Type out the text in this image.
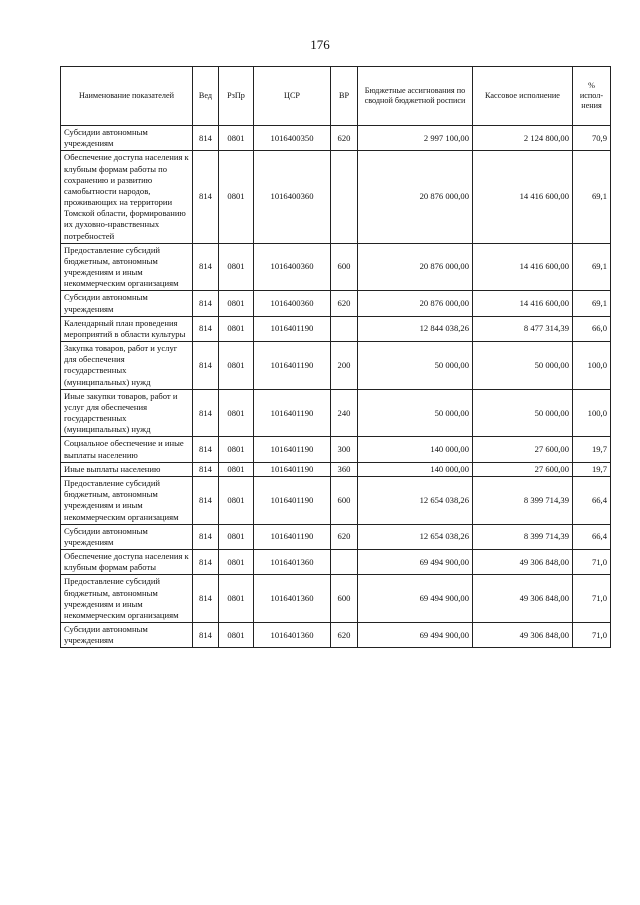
176
Наименование показателей	Вед	РзПр	ЦСР	ВР	Бюджетные ассигнования по сводной бюджетной росписи	Кассовое исполнение	% испол-нения
Субсидии автономным учреждениям	814	0801	1016400350	620	2 997 100,00	2 124 800,00	70,9
Обеспечение доступа населения к клубным формам работы по сохранению и развитию самобытности народов, проживающих на территории Томской области, формированию их духовно-нравственных потребностей	814	0801	1016400360		20 876 000,00	14 416 600,00	69,1
Предоставление субсидий бюджетным, автономным учреждениям и иным некоммерческим организациям	814	0801	1016400360	600	20 876 000,00	14 416 600,00	69,1
Субсидии автономным учреждениям	814	0801	1016400360	620	20 876 000,00	14 416 600,00	69,1
Календарный план проведения мероприятий в области культуры	814	0801	1016401190		12 844 038,26	8 477 314,39	66,0
Закупка товаров, работ и услуг для обеспечения государственных (муниципальных) нужд	814	0801	1016401190	200	50 000,00	50 000,00	100,0
Иные закупки товаров, работ и услуг для обеспечения государственных (муниципальных) нужд	814	0801	1016401190	240	50 000,00	50 000,00	100,0
Социальное обеспечение и иные выплаты населению	814	0801	1016401190	300	140 000,00	27 600,00	19,7
Иные выплаты населению	814	0801	1016401190	360	140 000,00	27 600,00	19,7
Предоставление субсидий бюджетным, автономным учреждениям и иным некоммерческим организациям	814	0801	1016401190	600	12 654 038,26	8 399 714,39	66,4
Субсидии автономным учреждениям	814	0801	1016401190	620	12 654 038,26	8 399 714,39	66,4
Обеспечение доступа населения к клубным формам работы	814	0801	1016401360		69 494 900,00	49 306 848,00	71,0
Предоставление субсидий бюджетным, автономным учреждениям и иным некоммерческим организациям	814	0801	1016401360	600	69 494 900,00	49 306 848,00	71,0
Субсидии автономным учреждениям	814	0801	1016401360	620	69 494 900,00	49 306 848,00	71,0
